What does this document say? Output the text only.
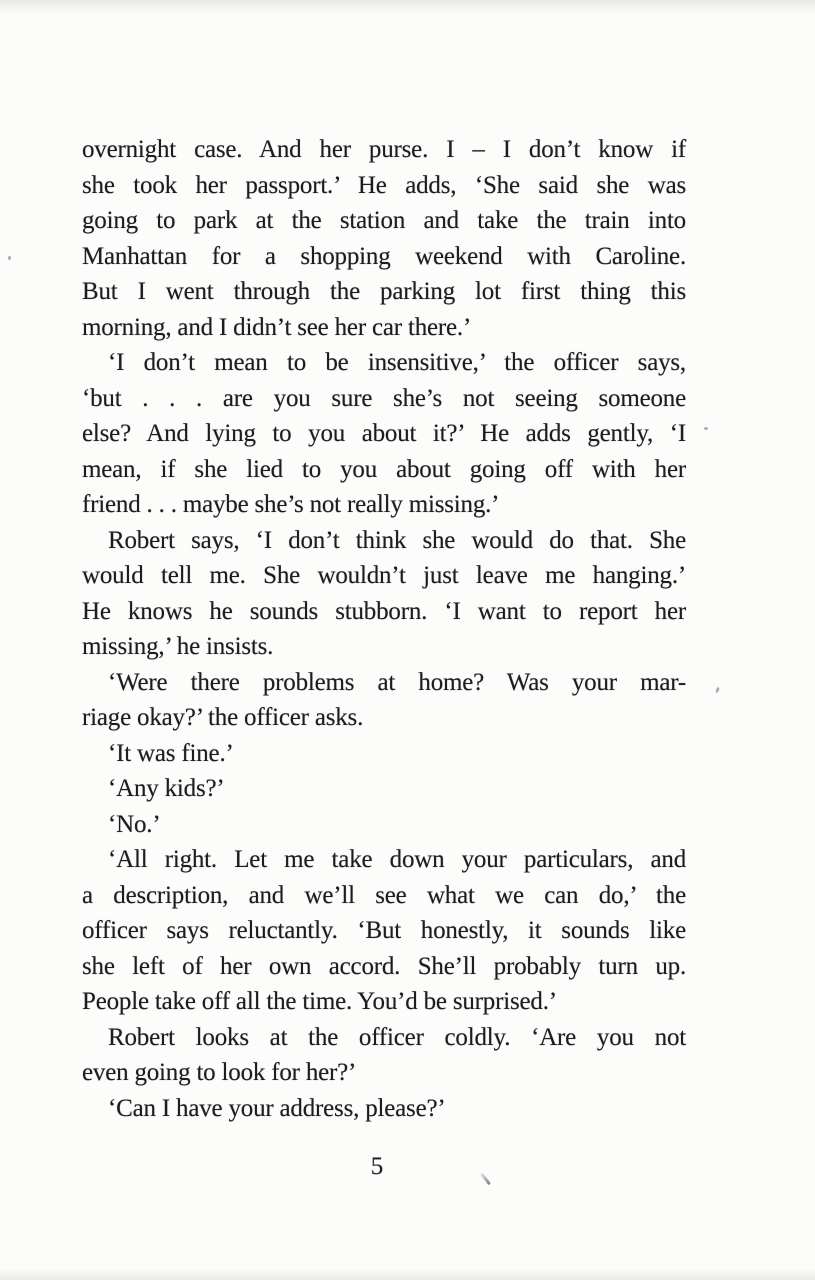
overnight case. And her purse. I – I don’t know if
she took her passport.’ He adds, ‘She said she was
going to park at the station and take the train into
Manhattan for a shopping weekend with Caroline.
But I went through the parking lot first thing this
morning, and I didn’t see her car there.’
‘I don’t mean to be insensitive,’ the officer says,
‘but . . . are you sure she’s not seeing someone
else? And lying to you about it?’ He adds gently, ‘I
mean, if she lied to you about going off with her
friend . . . maybe she’s not really missing.’
Robert says, ‘I don’t think she would do that. She
would tell me. She wouldn’t just leave me hanging.’
He knows he sounds stubborn. ‘I want to report her
missing,’ he insists.
‘Were there problems at home? Was your mar-
riage okay?’ the officer asks.
‘It was fine.’
‘Any kids?’
‘No.’
‘All right. Let me take down your particulars, and
a description, and we’ll see what we can do,’ the
officer says reluctantly. ‘But honestly, it sounds like
she left of her own accord. She’ll probably turn up.
People take off all the time. You’d be surprised.’
Robert looks at the officer coldly. ‘Are you not
even going to look for her?’
‘Can I have your address, please?’
5
